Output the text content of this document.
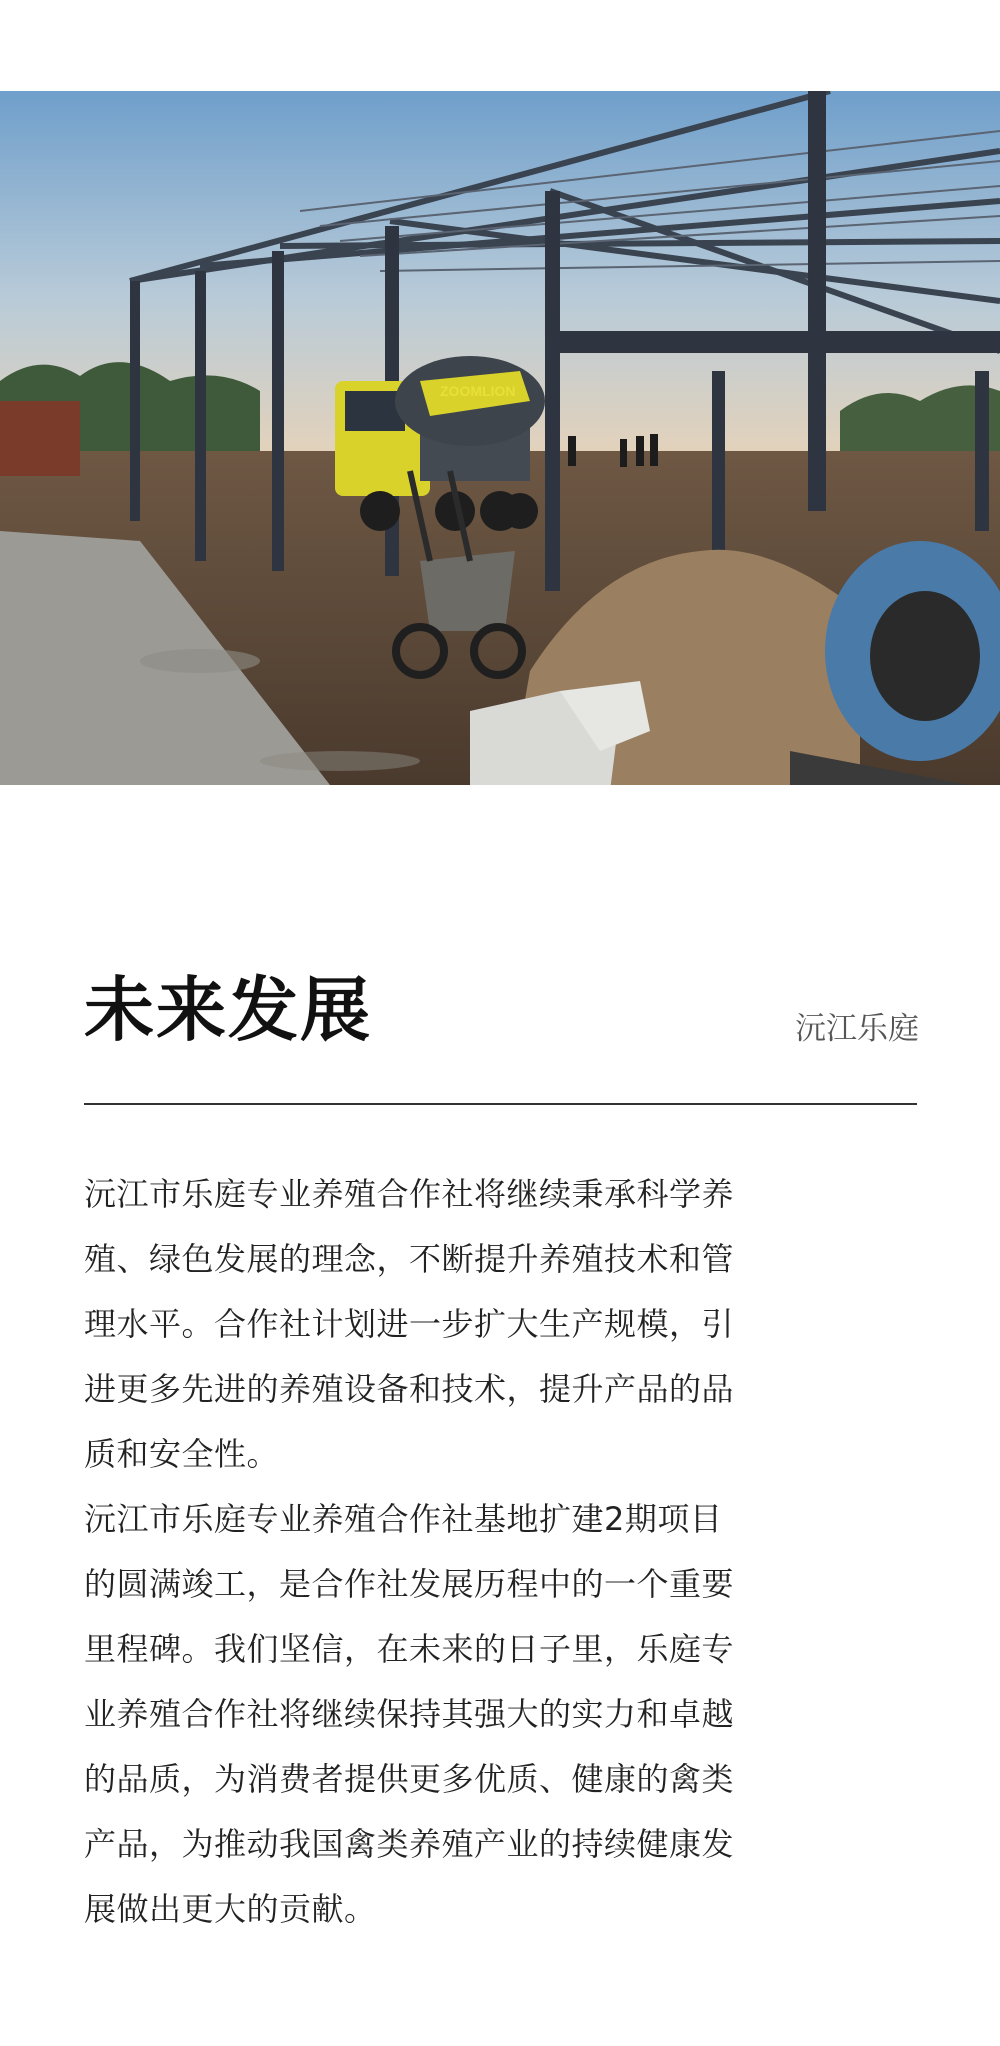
ZOOMLION
未来发展	沅江乐庭

沅江市乐庭专业养殖合作社将继续秉承科学养殖、绿色发展的理念，不断提升养殖技术和管理水平。合作社计划进一步扩大生产规模，引进更多先进的养殖设备和技术，提升产品的品质和安全性。

沅江市乐庭专业养殖合作社基地扩建2期项目的圆满竣工，是合作社发展历程中的一个重要里程碑。我们坚信，在未来的日子里，乐庭专业养殖合作社将继续保持其强大的实力和卓越的品质，为消费者提供更多优质、健康的禽类产品，为推动我国禽类养殖产业的持续健康发展做出更大的贡献。
